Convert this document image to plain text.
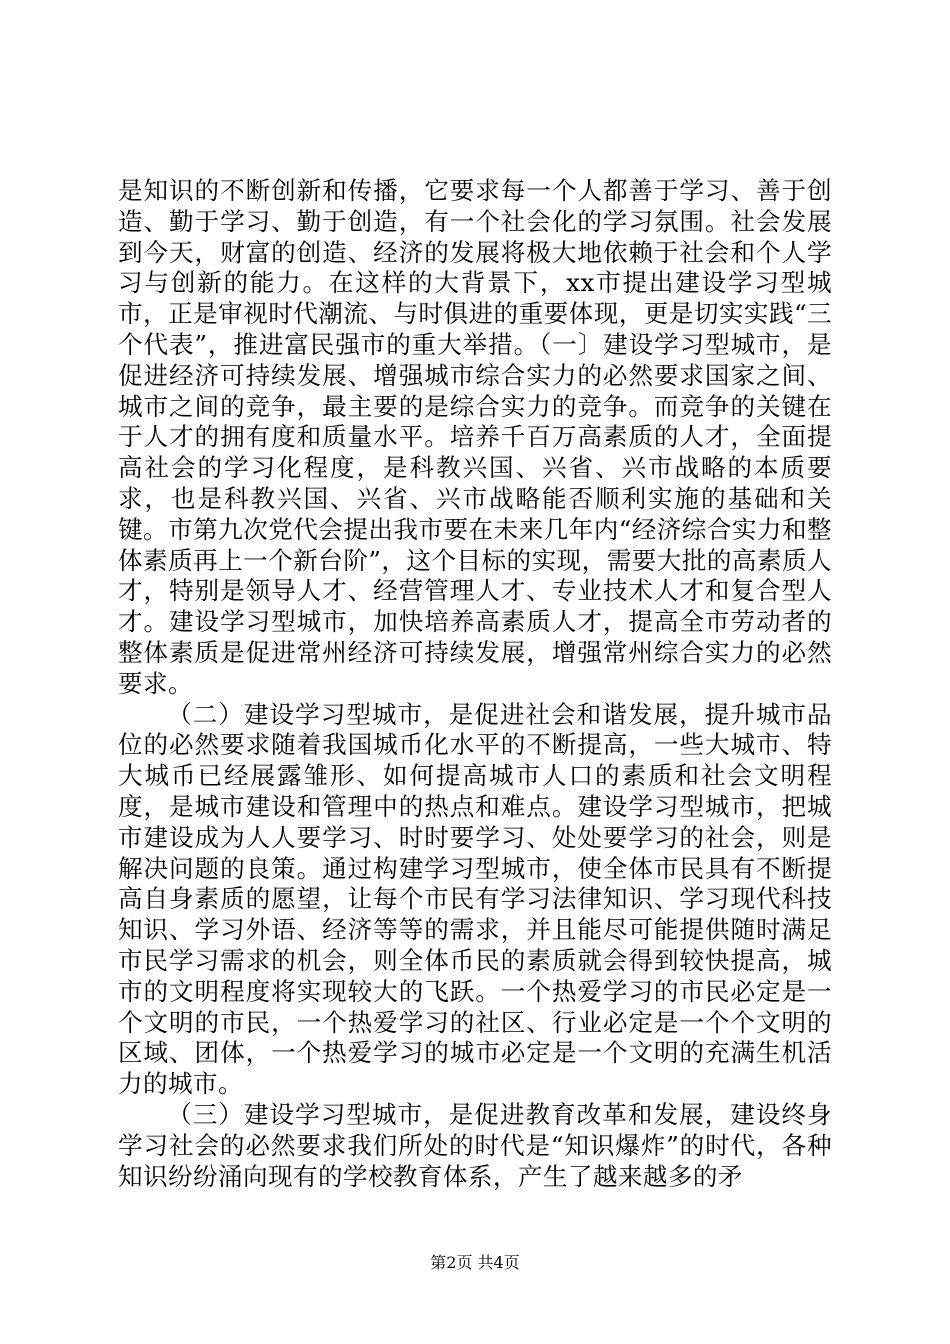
是知识的不断创新和传播，它要求每一个人都善于学习、善于创造、勤于学习、勤于创造，有一个社会化的学习氛围。社会发展到今天，财富的创造、经济的发展将极大地依赖于社会和个人学习与创新的能力。在这样的大背景下，xx市提出建设学习型城市，正是审视时代潮流、与时俱进的重要体现，更是切实实践“三个代表”，推进富民强市的重大举措。（一〕建设学习型城市，是促进经济可持续发展、增强城市综合实力的必然要求国家之间、城市之间的竞争，最主要的是综合实力的竞争。而竞争的关键在于人才的拥有度和质量水平。培养千百万高素质的人才，全面提高社会的学习化程度，是科教兴国、兴省、兴市战略的本质要求，也是科教兴国、兴省、兴市战略能否顺利实施的基础和关键。市第九次党代会提出我市要在未来几年内“经济综合实力和整体素质再上一个新台阶”，这个目标的实现，需要大批的高素质人才，特别是领导人才、经营管理人才、专业技术人才和复合型人才。建设学习型城市，加快培养高素质人才，提高全市劳动者的整体素质是促进常州经济可持续发展，增强常州综合实力的必然要求。

（二）建设学习型城市，是促进社会和谐发展，提升城市品位的必然要求随着我国城币化水平的不断提高，一些大城市、特大城币已经展露雏形、如何提高城市人口的素质和社会文明程度，是城市建设和管理中的热点和难点。建设学习型城市，把城市建设成为人人要学习、时时要学习、处处要学习的社会，则是解决问题的良策。通过构建学习型城市，使全体市民具有不断提高自身素质的愿望，让每个市民有学习法律知识、学习现代科技知识、学习外语、经济等等的需求，并且能尽可能提供随时满足市民学习需求的机会，则全体币民的素质就会得到较快提高，城市的文明程度将实现较大的飞跃。一个热爱学习的市民必定是一个文明的市民，一个热爱学习的社区、行业必定是一个个文明的区域、团体，一个热爱学习的城市必定是一个文明的充满生机活力的城市。

（三）建设学习型城市，是促进教育改革和发展，建设终身学习社会的必然要求我们所处的时代是“知识爆炸”的时代，各种知识纷纷涌向现有的学校教育体系，产生了越来越多的矛

第2页 共4页
